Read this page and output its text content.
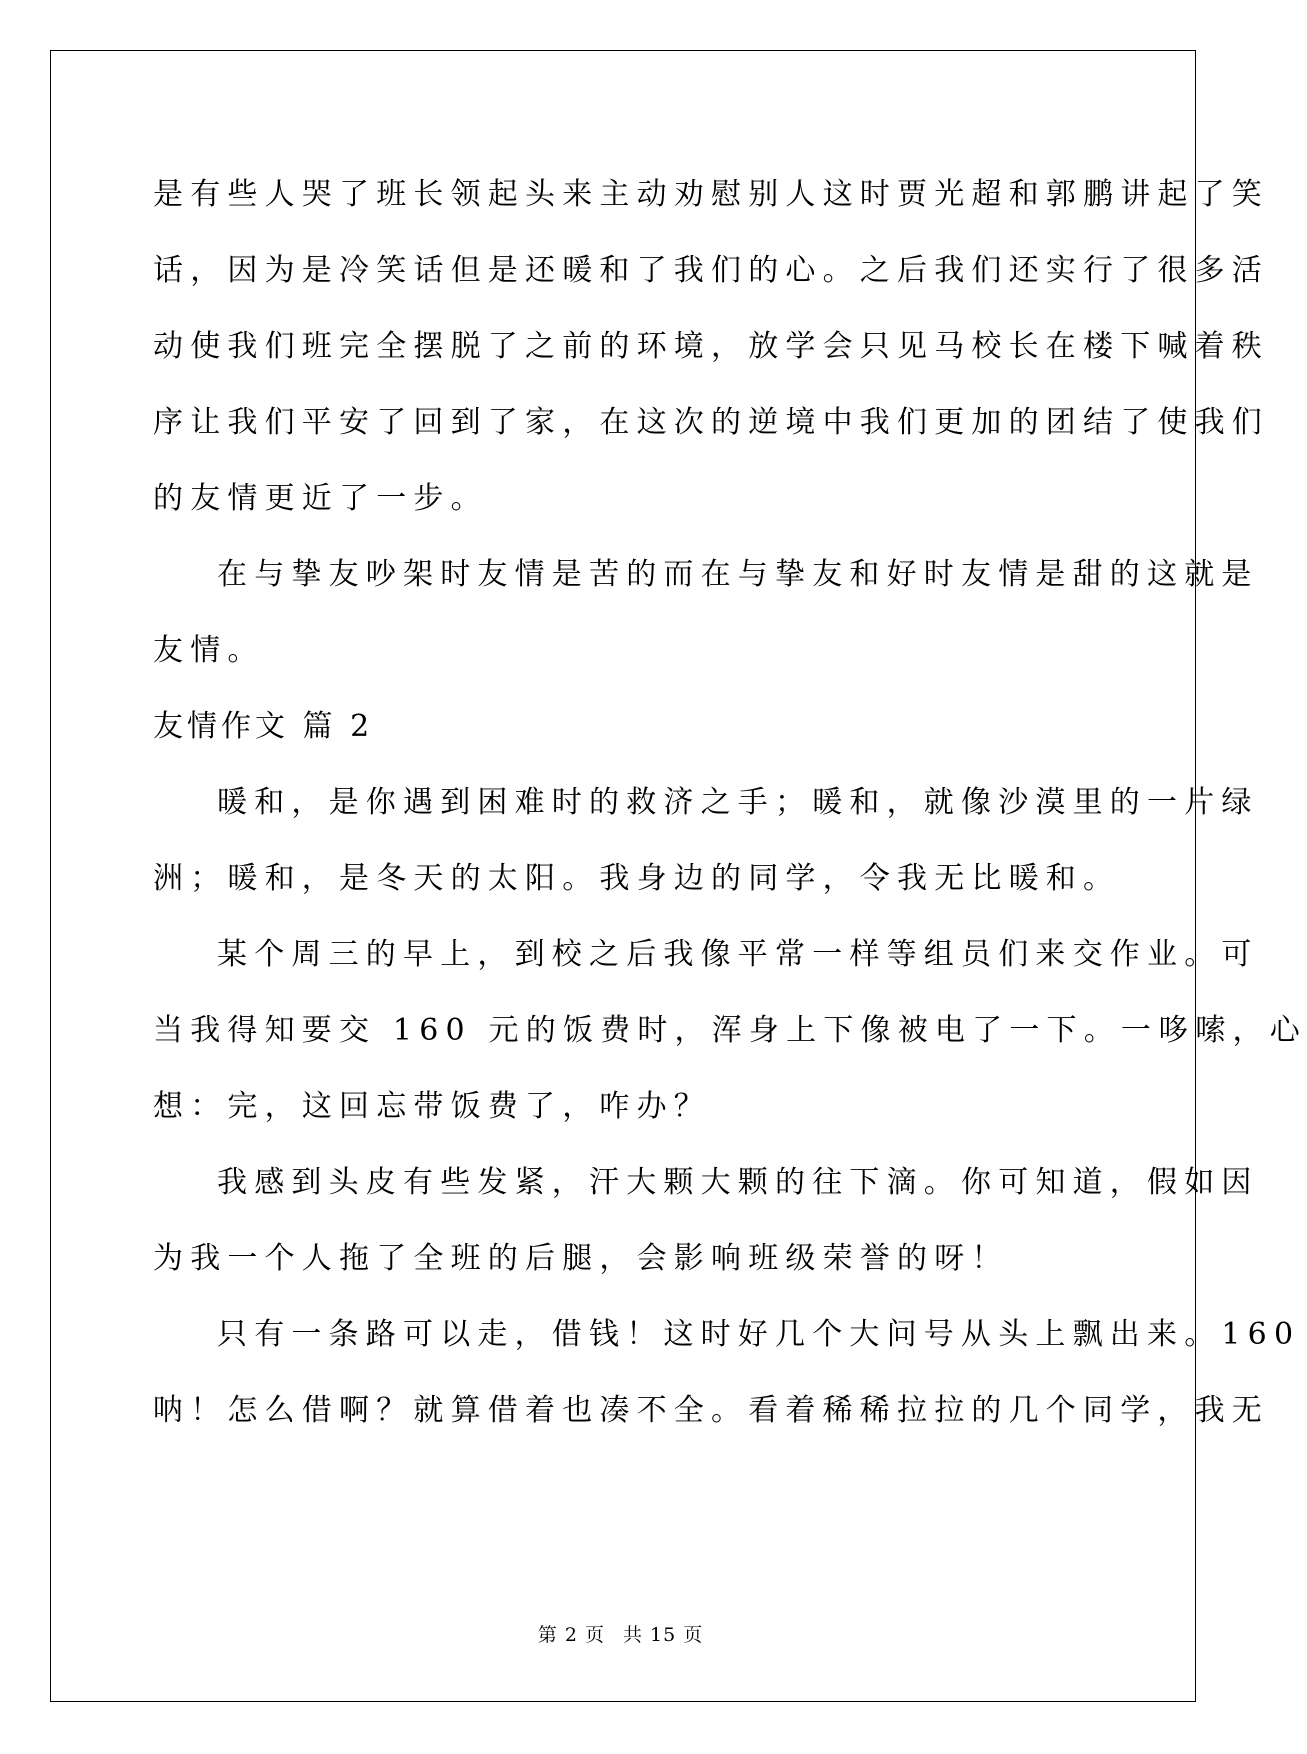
是有些人哭了班长领起头来主动劝慰别人这时贾光超和郭鹏讲起了笑
话，因为是冷笑话但是还暖和了我们的心。之后我们还实行了很多活
动使我们班完全摆脱了之前的环境，放学会只见马校长在楼下喊着秩
序让我们平安了回到了家，在这次的逆境中我们更加的团结了使我们
的友情更近了一步。
在与挚友吵架时友情是苦的而在与挚友和好时友情是甜的这就是
友情。
友情作文 篇 2
暖和，是你遇到困难时的救济之手；暖和，就像沙漠里的一片绿
洲；暖和，是冬天的太阳。我身边的同学，令我无比暖和。
某个周三的早上，到校之后我像平常一样等组员们来交作业。可
当我得知要交 160 元的饭费时，浑身上下像被电了一下。一哆嗦，心
想：完，这回忘带饭费了，咋办？
我感到头皮有些发紧，汗大颗大颗的往下滴。你可知道，假如因
为我一个人拖了全班的后腿，会影响班级荣誉的呀！
只有一条路可以走，借钱！这时好几个大问号从头上飘出来。160
呐！怎么借啊？就算借着也凑不全。看着稀稀拉拉的几个同学，我无
第 2 页 共 15 页
